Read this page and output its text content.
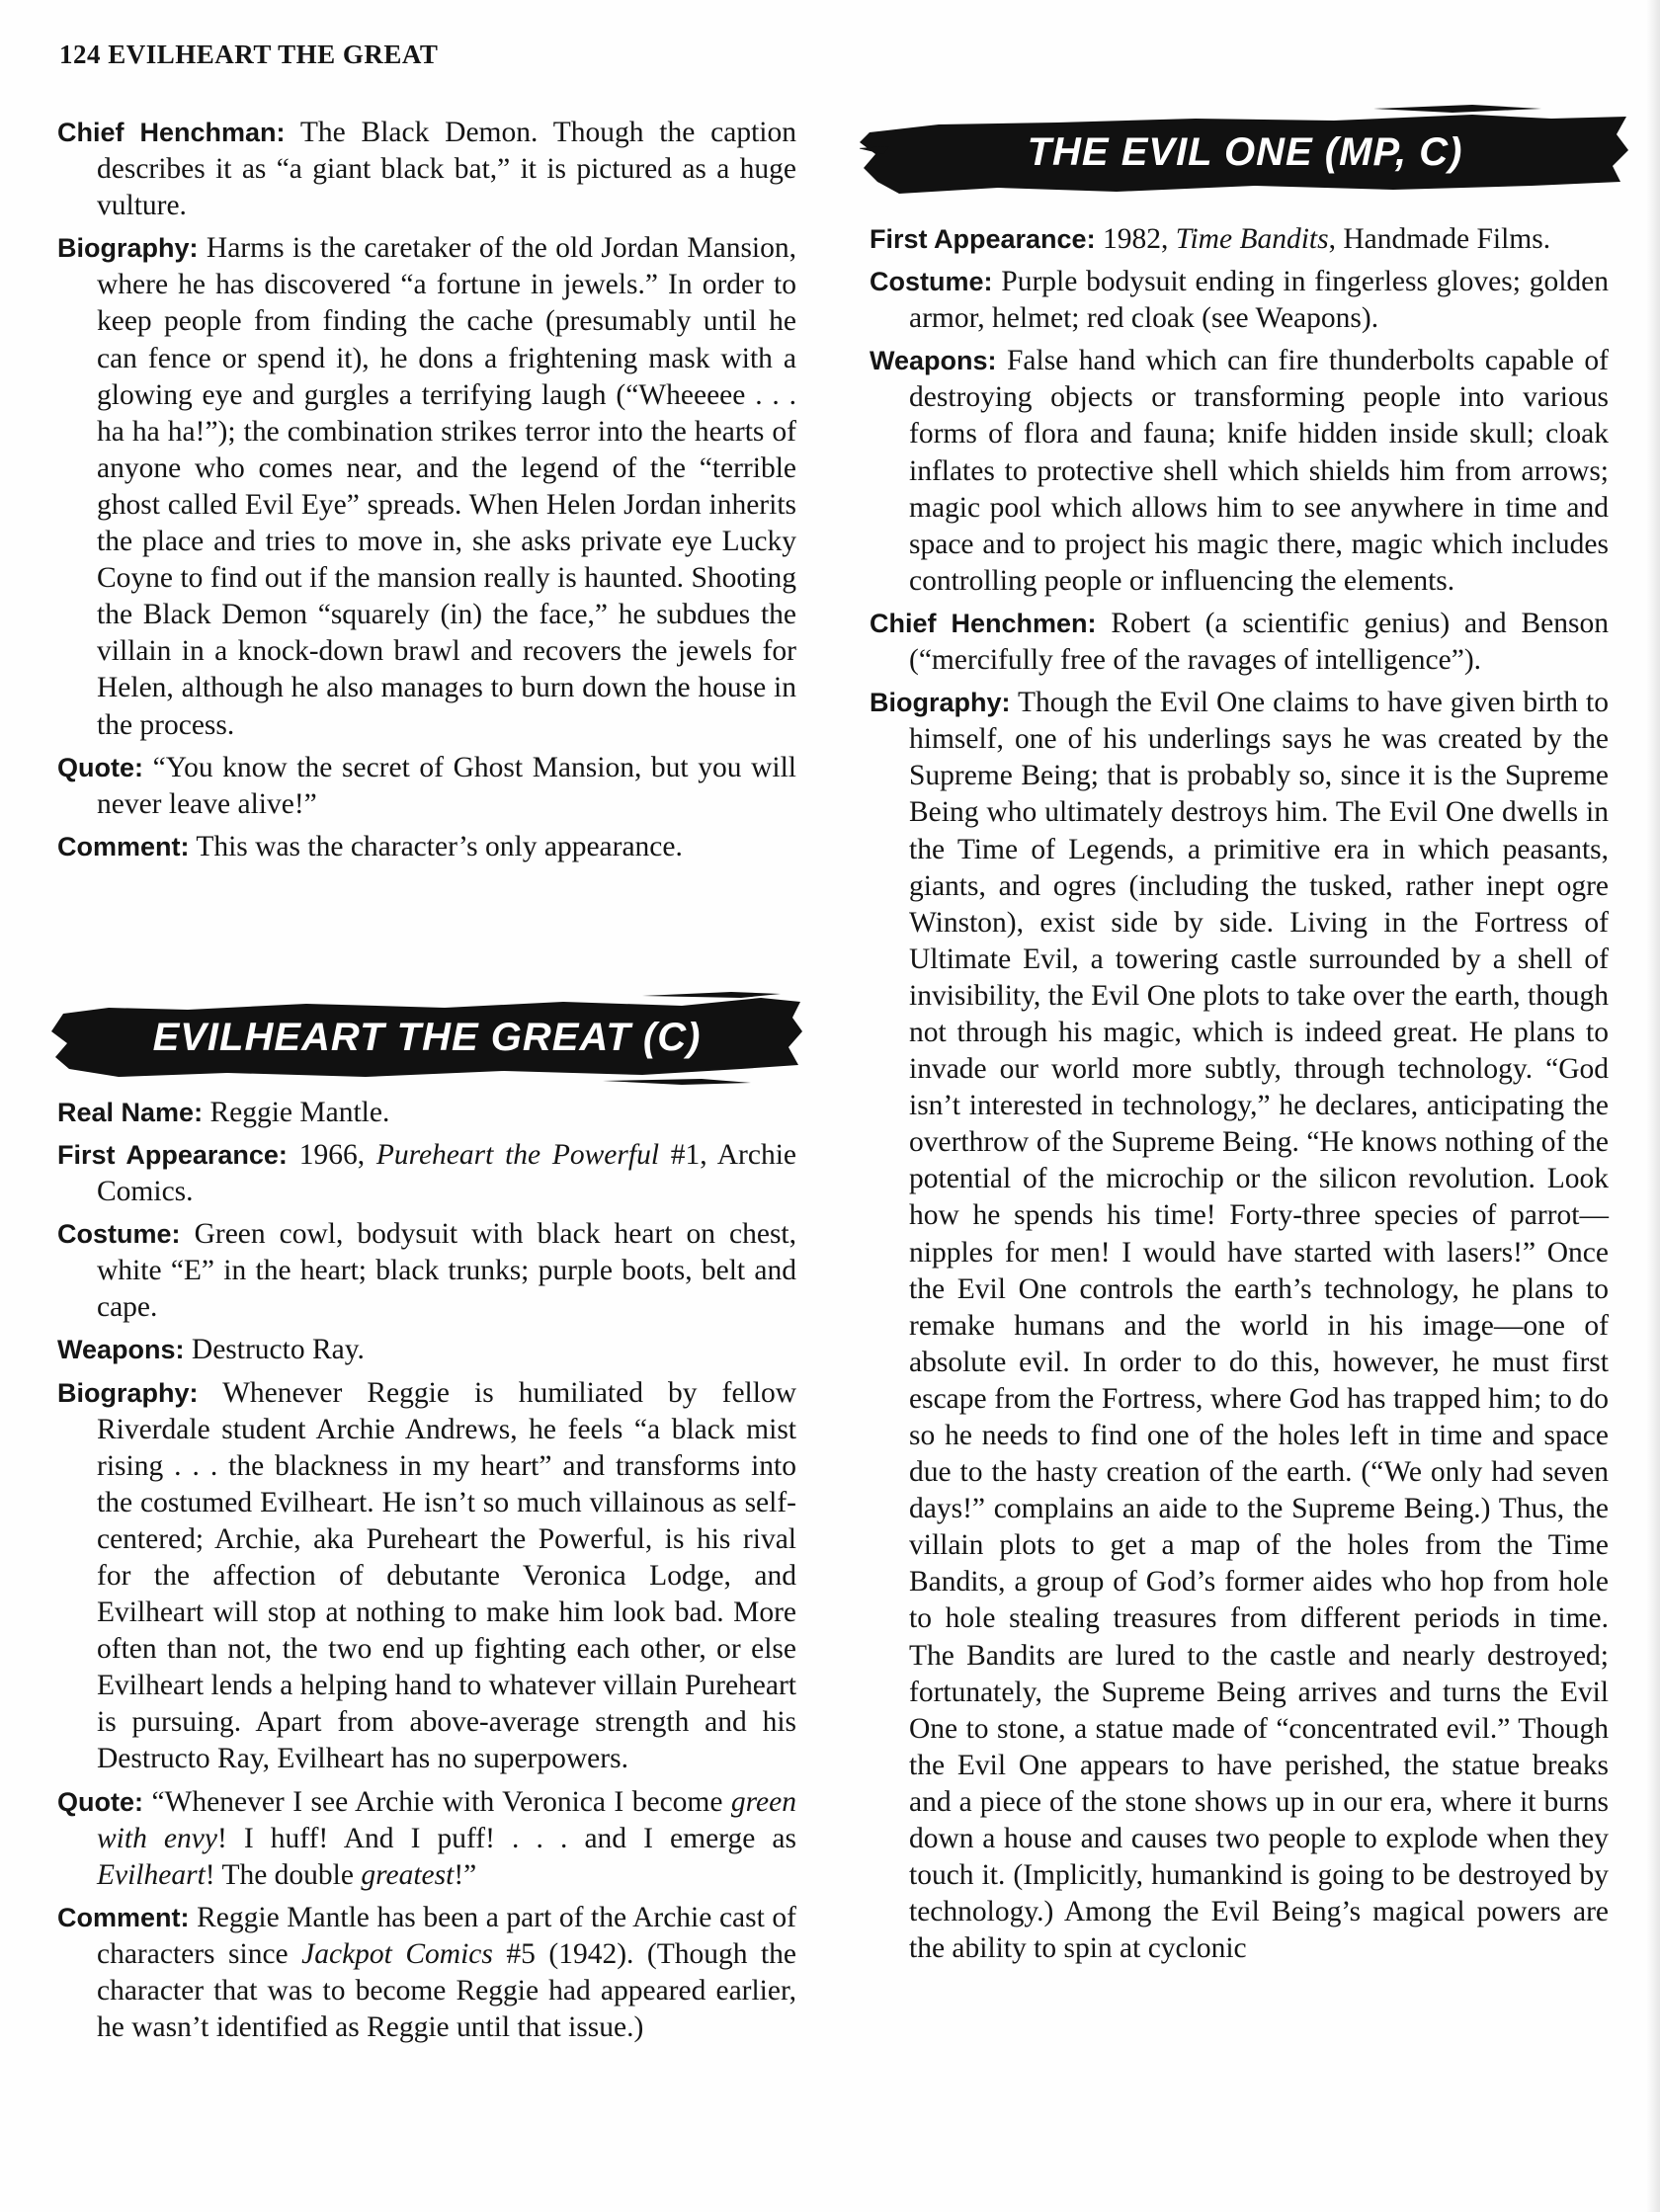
124 EVILHEART THE GREAT

Chief Henchman: The Black Demon. Though the caption describes it as “a giant black bat,” it is pictured as a huge vulture.

Biography: Harms is the caretaker of the old Jordan Mansion, where he has discovered “a fortune in jewels.” In order to keep people from finding the cache (presumably until he can fence or spend it), he dons a frightening mask with a glowing eye and gurgles a terrifying laugh (“Wheeeee . . . ha ha ha!”); the combination strikes terror into the hearts of anyone who comes near, and the legend of the “terrible ghost called Evil Eye” spreads. When Helen Jordan inherits the place and tries to move in, she asks private eye Lucky Coyne to find out if the mansion really is haunted. Shooting the Black Demon “squarely (in) the face,” he subdues the villain in a knock-down brawl and recovers the jewels for Helen, although he also manages to burn down the house in the process.

Quote: “You know the secret of Ghost Mansion, but you will never leave alive!”

Comment: This was the character’s only appearance.

Real Name: Reggie Mantle.

First Appearance: 1966, Pureheart the Powerful #1, Archie Comics.

Costume: Green cowl, bodysuit with black heart on chest, white “E” in the heart; black trunks; purple boots, belt and cape.

Weapons: Destructo Ray.

Biography: Whenever Reggie is humiliated by fellow Riverdale student Archie Andrews, he feels “a black mist rising . . . the blackness in my heart” and transforms into the costumed Evilheart. He isn’t so much villainous as self-centered; Archie, aka Pureheart the Powerful, is his rival for the affection of debutante Veronica Lodge, and Evilheart will stop at nothing to make him look bad. More often than not, the two end up fighting each other, or else Evilheart lends a helping hand to whatever villain Pureheart is pursuing. Apart from above-average strength and his Destructo Ray, Evilheart has no superpowers.

Quote: “Whenever I see Archie with Veronica I become green with envy! I huff! And I puff! . . . and I emerge as Evilheart! The double greatest!”

Comment: Reggie Mantle has been a part of the Archie cast of characters since Jackpot Comics #5 (1942). (Though the character that was to become Reggie had appeared earlier, he wasn’t identified as Reggie until that issue.)

EVILHEART THE GREAT (C)
THE EVIL ONE (MP, C)

First Appearance: 1982, Time Bandits, Handmade Films.

Costume: Purple bodysuit ending in fingerless gloves; golden armor, helmet; red cloak (see Weapons).

Weapons: False hand which can fire thunderbolts capable of destroying objects or transforming people into various forms of flora and fauna; knife hidden inside skull; cloak inflates to protective shell which shields him from arrows; magic pool which allows him to see anywhere in time and space and to project his magic there, magic which includes controlling people or influencing the elements.

Chief Henchmen: Robert (a scientific genius) and Benson (“mercifully free of the ravages of intelligence”).

Biography: Though the Evil One claims to have given birth to himself, one of his underlings says he was created by the Supreme Being; that is probably so, since it is the Supreme Being who ultimately destroys him. The Evil One dwells in the Time of Legends, a primitive era in which peasants, giants, and ogres (including the tusked, rather inept ogre Winston), exist side by side. Living in the Fortress of Ultimate Evil, a towering castle surrounded by a shell of invisibility, the Evil One plots to take over the earth, though not through his magic, which is indeed great. He plans to invade our world more subtly, through technology. “God isn’t interested in technology,” he declares, anticipating the overthrow of the Supreme Being. “He knows nothing of the potential of the microchip or the silicon revolution. Look how he spends his time! Forty-three species of parrot—nipples for men! I would have started with lasers!” Once the Evil One controls the earth’s technology, he plans to remake humans and the world in his image—one of absolute evil. In order to do this, however, he must first escape from the Fortress, where God has trapped him; to do so he needs to find one of the holes left in time and space due to the hasty creation of the earth. (“We only had seven days!” complains an aide to the Supreme Being.) Thus, the villain plots to get a map of the holes from the Time Bandits, a group of God’s former aides who hop from hole to hole stealing treasures from different periods in time. The Bandits are lured to the castle and nearly destroyed; fortunately, the Supreme Being arrives and turns the Evil One to stone, a statue made of “concentrated evil.” Though the Evil One appears to have perished, the statue breaks and a piece of the stone shows up in our era, where it burns down a house and causes two people to explode when they touch it. (Implicitly, humankind is going to be destroyed by technology.) Among the Evil Being’s magical powers are the ability to spin at cyclonic
